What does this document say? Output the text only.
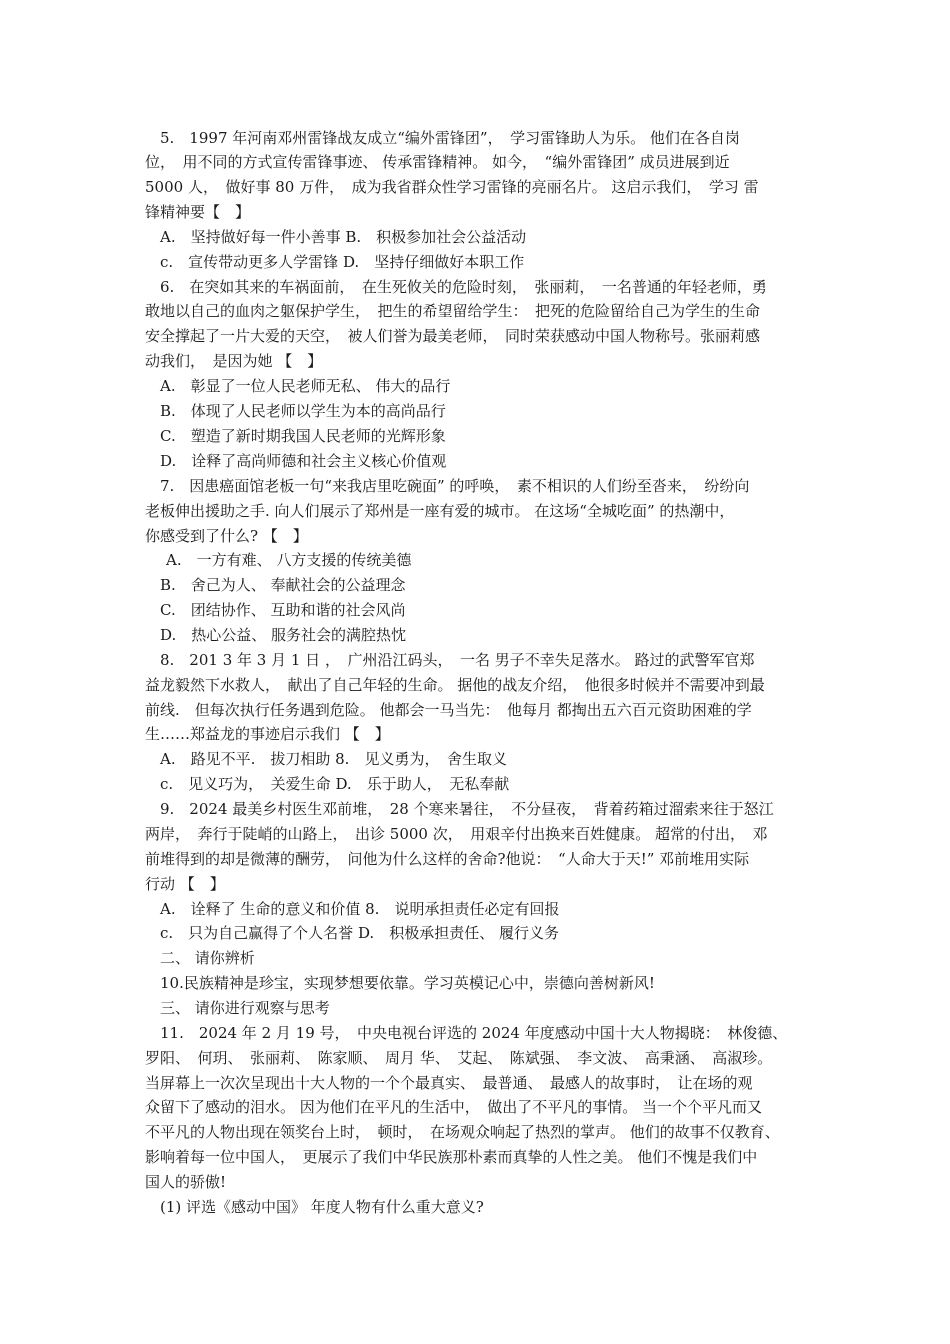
5.　1997 年河南邓州雷锋战友成立“编外雷锋团”，　学习雷锋助人为乐。 他们在各自岗
位，　用不同的方式宣传雷锋事迹、 传承雷锋精神。 如今，　“编外雷锋团” 成员进展到近
5000 人，　做好事 80 万件，　成为我省群众性学习雷锋的亮丽名片。 这启示我们，　学习 雷
锋精神要【　】
A.　坚持做好每一件小善事 B.　积极参加社会公益活动
c.　宣传带动更多人学雷锋 D.　坚持仔细做好本职工作
6.　在突如其来的车祸面前，　在生死攸关的危险时刻，　张丽莉，　一名普通的年轻老师，勇
敢地以自己的血肉之躯保护学生，　把生的希望留给学生：　把死的危险留给自己为学生的生命
安全撑起了一片大爱的天空，　被人们誉为最美老师，　同时荣获感动中国人物称号。张丽莉感
动我们，　是因为她 【　】
A.　彰显了一位人民老师无私、 伟大的品行
B.　体现了人民老师以学生为本的高尚品行
C.　塑造了新时期我国人民老师的光辉形象
D.　诠释了高尚师德和社会主义核心价值观
7.　因患癌面馆老板一句“来我店里吃碗面” 的呼唤，　素不相识的人们纷至沓来，　纷纷向
老板伸出援助之手. 向人们展示了郑州是一座有爱的城市。 在这场“全城吃面” 的热潮中，
你感受到了什么? 【　】
A.　一方有难、 八方支援的传统美德
B.　舍己为人、 奉献社会的公益理念
C.　团结协作、 互助和谐的社会风尚
D.　热心公益、 服务社会的满腔热忱
8.　201 3 年 3 月 1 日 ，　广州沿江码头，　一名 男子不幸失足落水。 路过的武警军官郑
益龙毅然下水救人，　献出了自己年轻的生命。 据他的战友介绍，　他很多时候并不需要冲到最
前线.　但每次执行任务遇到危险。 他都会一马当先：　他每月 都掏出五六百元资助困难的学
生……郑益龙的事迹启示我们 【　】
A.　路见不平.　拔刀相助 8.　见义勇为，　舍生取义
c.　见义巧为，　关爱生命 D.　乐于助人，　无私奉献
9.　2024 最美乡村医生邓前堆，　28 个寒来暑往，　不分昼夜，　背着药箱过溜索来往于怒江
两岸，　奔行于陡峭的山路上，　出诊 5000 次，　用艰辛付出换来百姓健康。 超常的付出，　邓
前堆得到的却是微薄的酬劳，　问他为什么这样的舍命?他说：　“人命大于天!” 邓前堆用实际
行动 【　】
A.　诠释了 生命的意义和价值 8.　说明承担责任必定有回报
c.　只为自己赢得了个人名誉 D.　积极承担责任、 履行义务
二、 请你辨析
10.民族精神是珍宝，实现梦想要依靠。学习英模记心中，崇德向善树新风!
三、 请你进行观察与思考
11.　2024 年 2 月 19 号，　中央电视台评选的 2024 年度感动中国十大人物揭晓：　林俊德、
罗阳、　何玥、　张丽莉、　陈家顺、　周月 华、　艾起、　陈斌强、　李文波、　高秉涵、　高淑珍。
当屏幕上一次次呈现出十大人物的一个个最真实、　最普通、　最感人的故事时，　让在场的观
众留下了感动的泪水。 因为他们在平凡的生活中，　做出了不平凡的事情。 当一个个平凡而又
不平凡的人物出现在领奖台上时，　顿时，　在场观众响起了热烈的掌声。 他们的故事不仅教育、
影响着每一位中国人，　更展示了我们中华民族那朴素而真挚的人性之美。 他们不愧是我们中
国人的骄傲!
(1) 评选《感动中国》 年度人物有什么重大意义?
